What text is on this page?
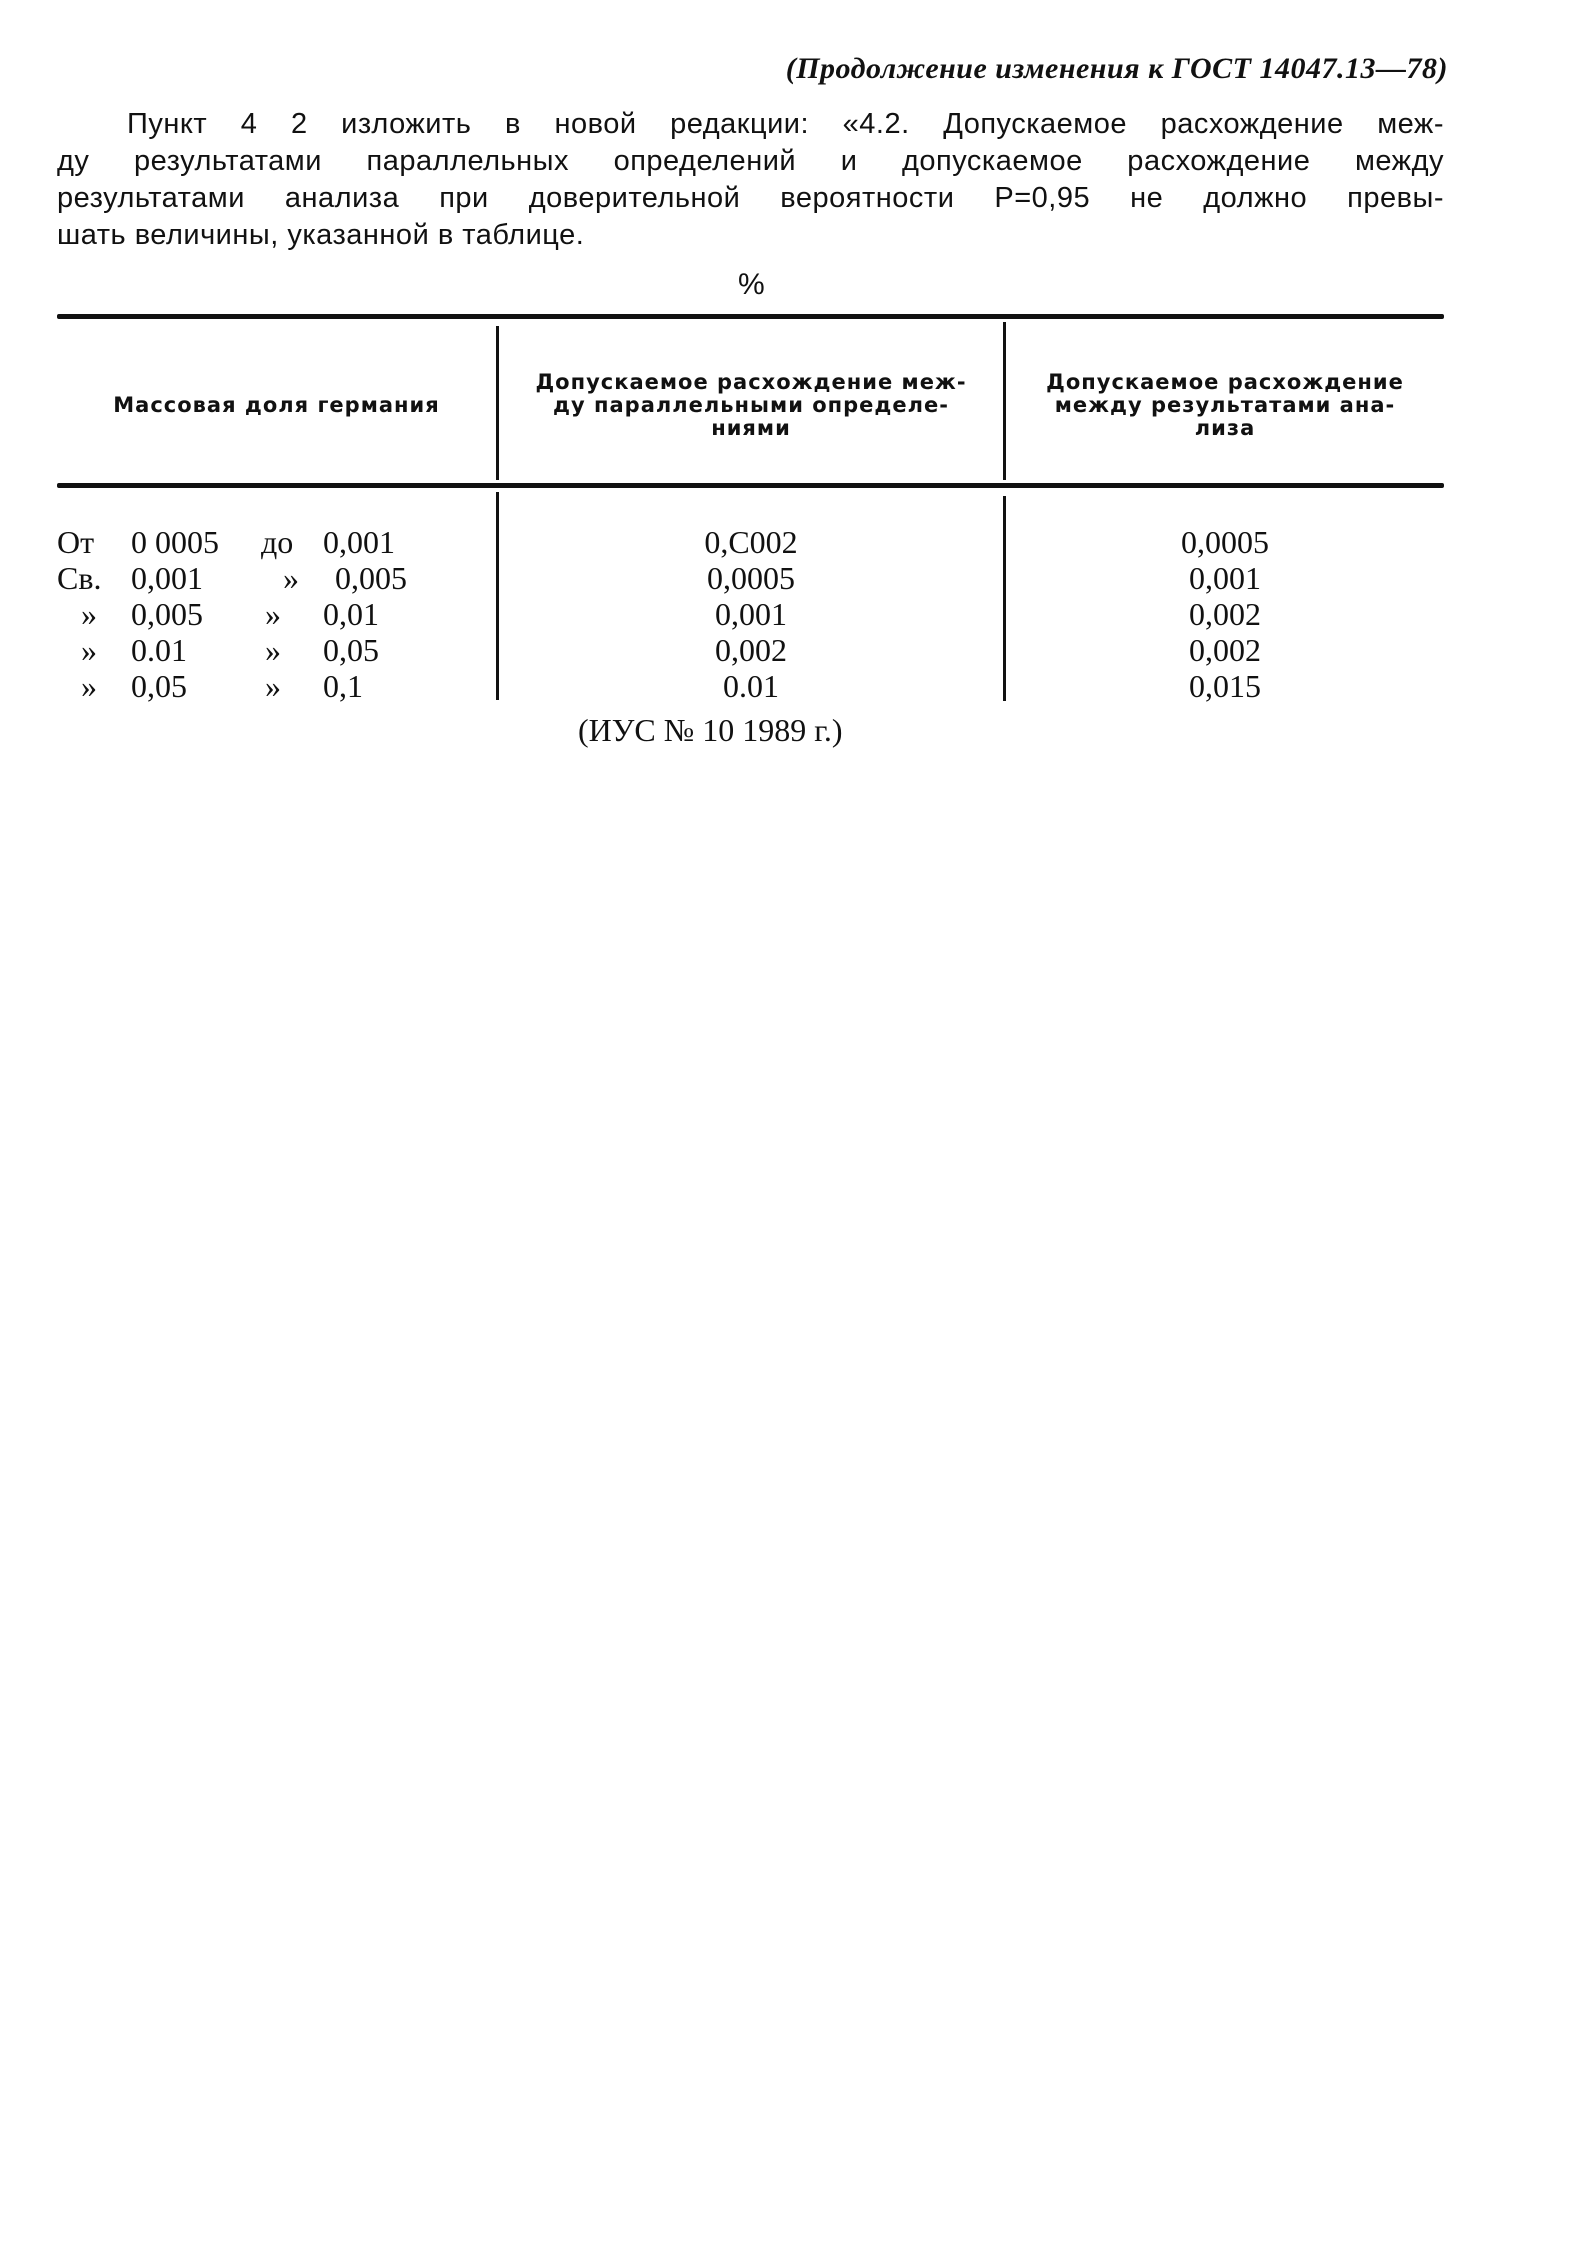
(Продолжение изменения к ГОСТ 14047.13—78)
Пункт 4 2 изложить в новой редакции: «4.2. Допускаемое расхождение меж-
ду результатами параллельных определений и допускаемое расхождение между
результатами анализа при доверительной вероятности P=0,95 не должно превы-
шать величины, указанной в таблице.
%
Массовая доля германия
Допускаемое расхождение меж-
ду параллельными определе-
ниями
Допускаемое расхождение
между результатами ана-
лиза
От 0 0005 до 0,001
Св. 0,001	» 0,005
» 0,005 » 0,01
» 0.01 » 0,05
» 0,05 » 0,1
0,С002
0,0005
0,001
0,002
0.01
0,0005
0,001
0,002
0,002
0,015
(ИУС № 10 1989 г.)
